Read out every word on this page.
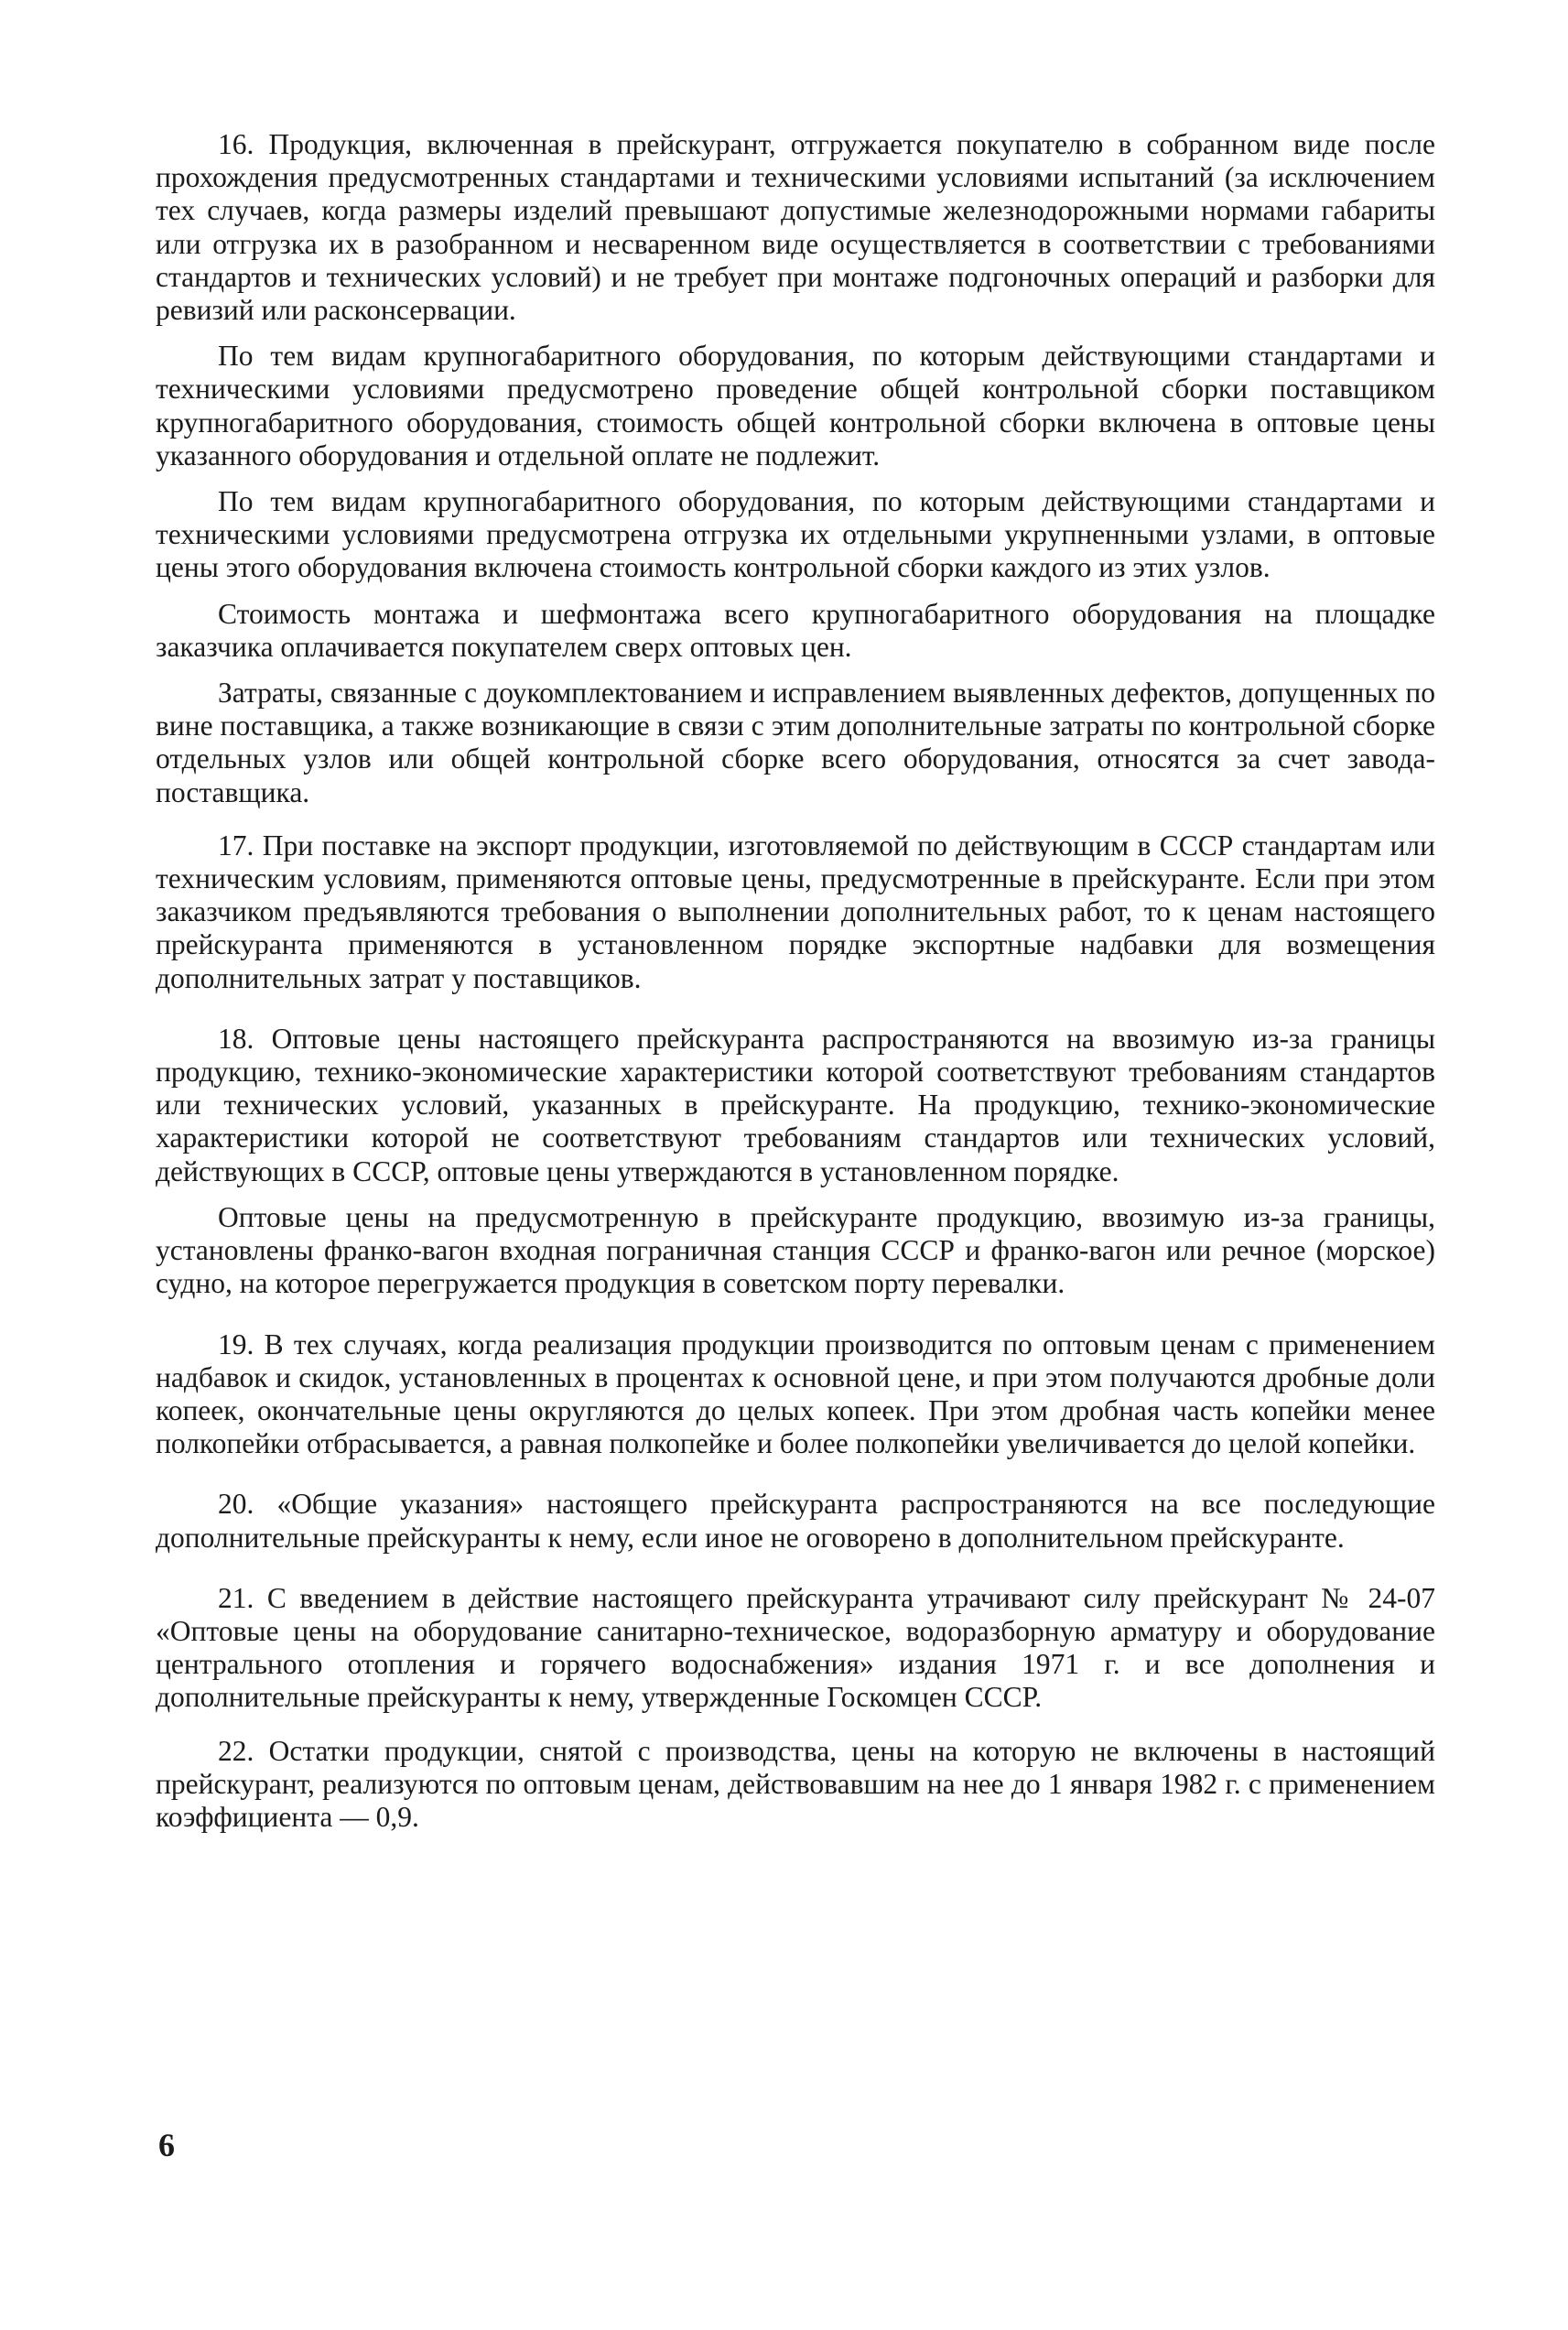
16. Продукция, включенная в прейскурант, отгружается покупателю в собранном виде после прохождения предусмотренных стандартами и техническими условиями испытаний (за исключением тех случаев, когда размеры изделий превышают допустимые железнодорожными нормами габариты или отгрузка их в разобранном и несваренном виде осуществляется в соответствии с требованиями стандартов и технических условий) и не требует при монтаже подгоночных операций и разборки для ревизий или расконсервации.

По тем видам крупногабаритного оборудования, по которым действующими стандартами и техническими условиями предусмотрено проведение общей контрольной сборки поставщиком крупногабаритного оборудования, стоимость общей контрольной сборки включена в оптовые цены указанного оборудования и отдельной оплате не подлежит.

По тем видам крупногабаритного оборудования, по которым действующими стандартами и техническими условиями предусмотрена отгрузка их отдельными укрупненными узлами, в оптовые цены этого оборудования включена стоимость контрольной сборки каждого из этих узлов.

Стоимость монтажа и шефмонтажа всего крупногабаритного оборудования на площадке заказчика оплачивается покупателем сверх оптовых цен.

Затраты, связанные с доукомплектованием и исправлением выявленных дефектов, допущенных по вине поставщика, а также возникающие в связи с этим дополнительные затраты по контрольной сборке отдельных узлов или общей контрольной сборке всего оборудования, относятся за счет завода-поставщика.

17. При поставке на экспорт продукции, изготовляемой по действующим в СССР стандартам или техническим условиям, применяются оптовые цены, предусмотренные в прейскуранте. Если при этом заказчиком предъявляются требования о выполнении дополнительных работ, то к ценам настоящего прейскуранта применяются в установленном порядке экспортные надбавки для возмещения дополнительных затрат у поставщиков.

18. Оптовые цены настоящего прейскуранта распространяются на ввозимую из-за границы продукцию, технико-экономические характеристики которой соответствуют требованиям стандартов или технических условий, указанных в прейскуранте. На продукцию, технико-экономические характеристики которой не соответствуют требованиям стандартов или технических условий, действующих в СССР, оптовые цены утверждаются в установленном порядке.

Оптовые цены на предусмотренную в прейскуранте продукцию, ввозимую из-за границы, установлены франко-вагон входная пограничная станция СССР и франко-вагон или речное (морское) судно, на которое перегружается продукция в советском порту перевалки.

19. В тех случаях, когда реализация продукции производится по оптовым ценам с применением надбавок и скидок, установленных в процентах к основной цене, и при этом получаются дробные доли копеек, окончательные цены округляются до целых копеек. При этом дробная часть копейки менее полкопейки отбрасывается, а равная полкопейке и более полкопейки увеличивается до целой копейки.

20. «Общие указания» настоящего прейскуранта распространяются на все последующие дополнительные прейскуранты к нему, если иное не оговорено в дополнительном прейскуранте.

21. С введением в действие настоящего прейскуранта утрачивают силу прейскурант № 24-07 «Оптовые цены на оборудование санитарно-техническое, водоразборную арматуру и оборудование центрального отопления и горячего водоснабжения» издания 1971 г. и все дополнения и дополнительные прейскуранты к нему, утвержденные Госкомцен СССР.

22. Остатки продукции, снятой с производства, цены на которую не включены в настоящий прейскурант, реализуются по оптовым ценам, действовавшим на нее до 1 января 1982 г. с применением коэффициента — 0,9.

6
